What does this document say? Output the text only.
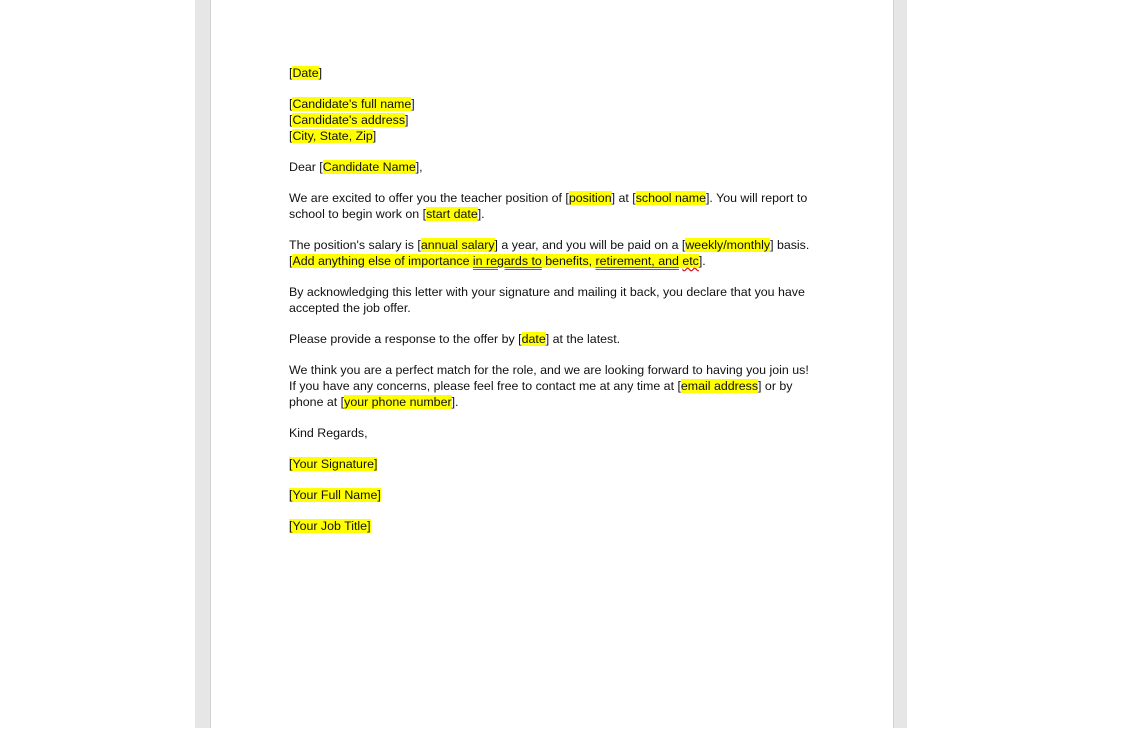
[Date]

[Candidate's full name]
[Candidate's address]
[City, State, Zip]

Dear [Candidate Name],

We are excited to offer you the teacher position of [position] at [school name]. You will report to school to begin work on [start date].

The position's salary is [annual salary] a year, and you will be paid on a [weekly/monthly] basis. [Add anything else of importance in regards to benefits, retirement, and etc].

By acknowledging this letter with your signature and mailing it back, you declare that you have accepted the job offer.

Please provide a response to the offer by [date] at the latest.

We think you are a perfect match for the role, and we are looking forward to having you join us! If you have any concerns, please feel free to contact me at any time at [email address] or by phone at [your phone number].

Kind Regards,

[Your Signature]

[Your Full Name]

[Your Job Title]
